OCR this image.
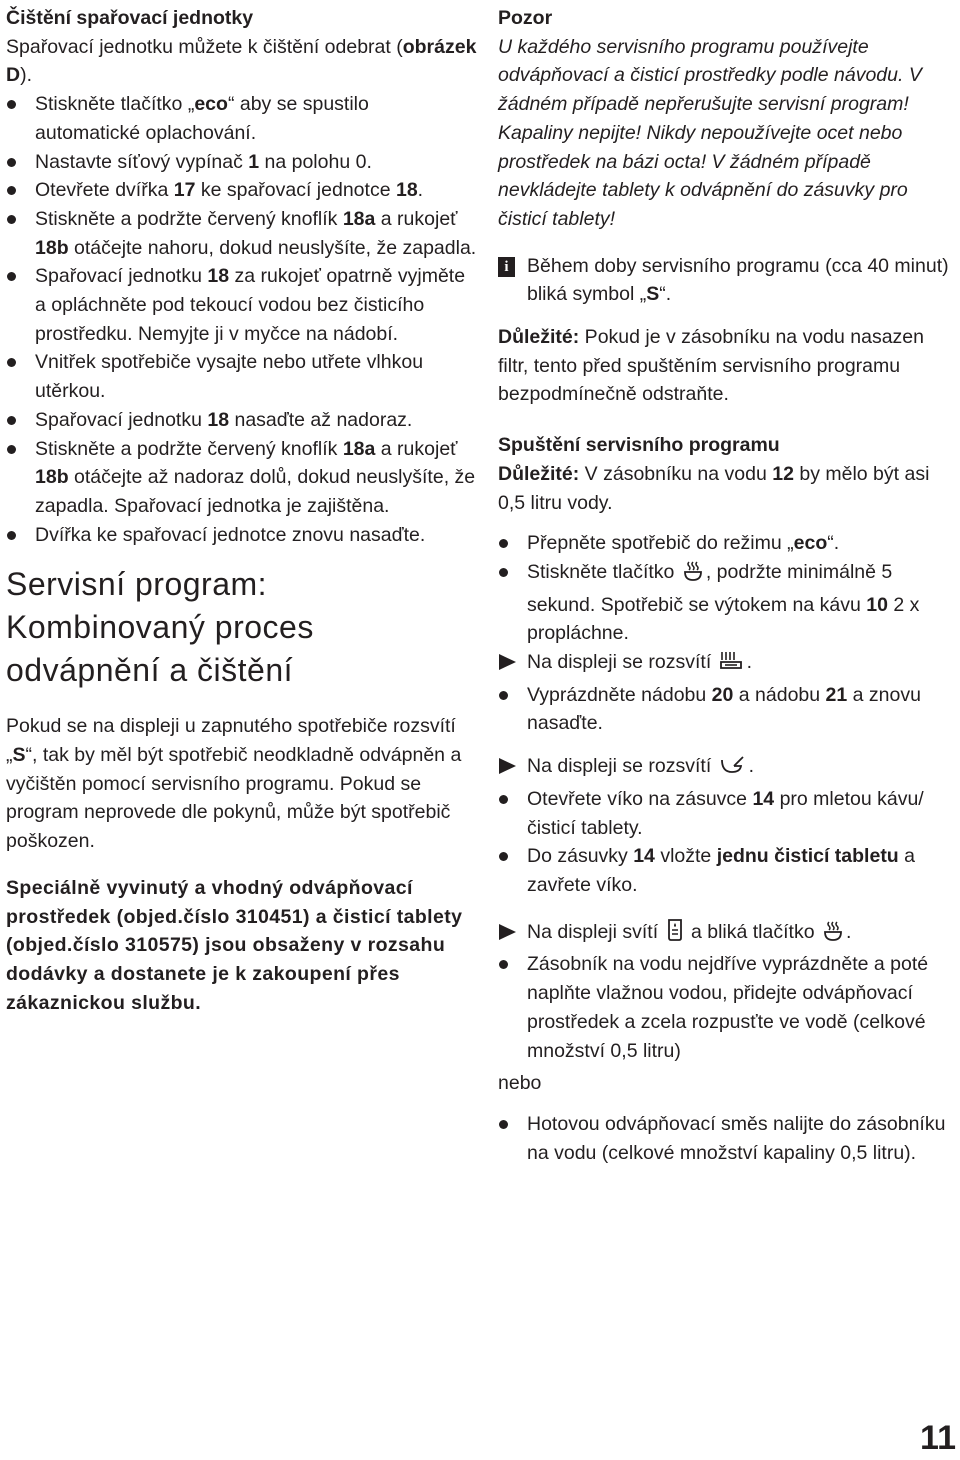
Čištění spařovací jednotky

Spařovací jednotku můžete k čištění odebrat (obrázek D).

Stiskněte tlačítko „eco“ aby se spustilo automatické oplachování.
Nastavte síťový vypínač 1 na polohu 0.
Otevřete dvířka 17 ke spařovací jednotce 18.
Stiskněte a podržte červený knoflík 18a a rukojeť 18b otáčejte nahoru, dokud neuslyšíte, že zapadla.
Spařovací jednotku 18 za rukojeť opatrně vyjměte a opláchněte pod tekoucí vodou bez čisticího prostředku. Nemyjte ji v myčce na nádobí.
Vnitřek spotřebiče vysajte nebo utřete vlhkou utěrkou.
Spařovací jednotku 18 nasaďte až nadoraz.
Stiskněte a podržte červený knoflík 18a a rukojeť 18b otáčejte až nadoraz dolů, dokud neuslyšíte, že zapadla. Spařovací jednotka je zajištěna.
Dvířka ke spařovací jednotce znovu nasaďte.
Servisní program:
Kombinovaný proces
odvápnění a čištění

Pokud se na displeji u zapnutého spotřebiče rozsvítí „S“, tak by měl být spotřebič neodkladně odvápněn a vyčištěn pomocí servisního programu. Pokud se program neprovede dle pokynů, může být spotřebič poškozen.

Speciálně vyvinutý a vhodný odvápňovací prostředek (objed.číslo 310451) a čisticí tablety (objed.číslo 310575) jsou obsaženy v rozsahu dodávky a dostanete je k zakoupení přes zákaznickou službu.

Pozor

U každého servisního programu používejte odvápňovací a čisticí prostředky podle návodu. V žádném případě nepřerušujte servisní program! Kapaliny nepijte! Nikdy nepoužívejte ocet nebo prostředek na bázi octa! V žádném případě nevkládejte tablety k odvápnění do zásuvky pro čisticí tablety!

i Během doby servisního programu (cca 40 minut) bliká symbol „S“.

Důležité: Pokud je v zásobníku na vodu nasazen filtr, tento před spuštěním servisního programu bezpodmínečně odstraňte.

Spuštění servisního programu

Důležité: V zásobníku na vodu 12 by mělo být asi 0,5 litru vody.

Přepněte spotřebič do režimu „eco“.
Stiskněte tlačítko , podržte minimálně 5 sekund. Spotřebič se výtokem na kávu 10 2 x propláchne.
Na displeji se rozsvítí .
Vyprázdněte nádobu 20 a nádobu 21 a znovu nasaďte.
Na displeji se rozsvítí .
Otevřete víko na zásuvce 14 pro mletou kávu/čisticí tablety.
Do zásuvky 14 vložte jednu čisticí tabletu a zavřete víko.
Na displeji svítí  a bliká tlačítko .
Zásobník na vodu nejdříve vyprázdněte a poté naplňte vlažnou vodou, přidejte odvápňovací prostředek a zcela rozpusťte ve vodě (celkové množství 0,5 litru)

nebo

Hotovou odvápňovací směs nalijte do zásobníku na vodu (celkové množství kapaliny 0,5 litru).
11
